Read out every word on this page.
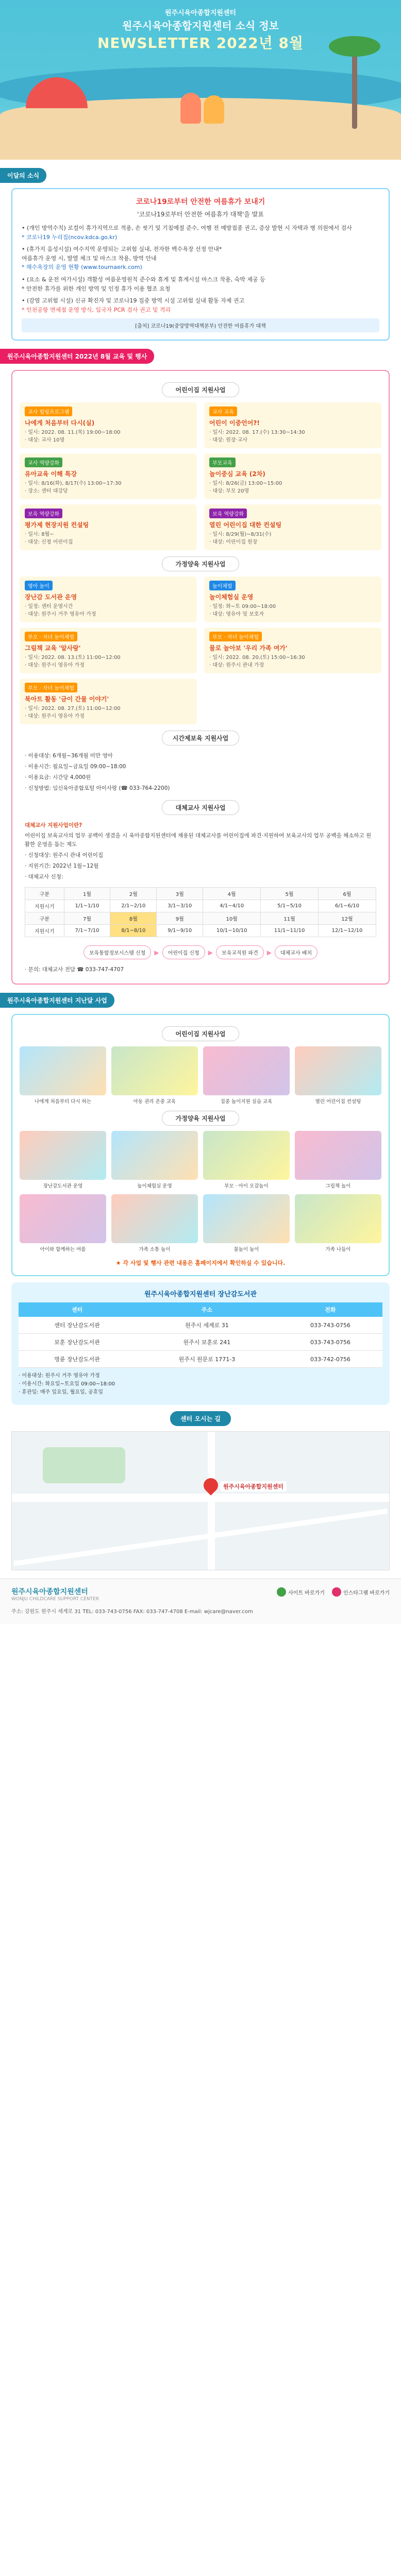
원주시육아종합지원센터
원주시육아종합지원센터 소식 정보
NEWSLETTER 2022년 8월
이달의 소식
코로나19로부터 안전한 여름휴가 보내기
'코로나19로부터 안전한 여름휴가 대책'을 발표
• (개인 방역수칙) 로컬이 휴가지역으로 적용, 손 씻기 및 기침예절 준수, 여행 전 예방접종 권고, 증상 발현 시 자택과 병 의원에서 검사
* 코로나19 누리집(ncov.kdca.go.kr)
• (휴가지 음성시설) 여수지역 운영되는 고위험 실내, 전자한 백수욕장 선정 안내*
여름휴가 운영 시, 발열 체크 및 마스크 착용, 방역 안내
* 해수욕장의 운영 현황 (www.tournaerk.com)
• (요소 & 운전 여가시설) 객활성 여름운영원칙 준수와 휴게 및 휴게시설 마스크 착용, 숙박 제공 등
* 안전한 휴가를 위한 개인 방역 및 인정 휴가 이용 협조 요청
• (감염 고위험 시설) 신규 확진자 및 코로나19 집중 방역 시설 고위험 실내 활동 자제 권고
* 인천공항 면세점 운영 방식, 입국자 PCR 검사 권고 및 격리
[출처] 코로나19(중앙방역대책본부) 안전한 여름휴가 대책
원주시육아종합지원센터 2022년 8월 교육 및 행사
어린이집 지원사업
교사 힐링프로그램
나에게 처음부터 다시(실)
· 일시: 2022. 08. 11.(목) 19:00~18:00
· 대상: 교사 10명
교사 교육
어린이 이중언어?!
· 일시: 2022. 08. 17.(수) 13:30~14:30
· 대상: 원장·교사
교사 역량강화
유아교육 이해 특강
· 일시: 8/16(화), 8/17(수) 13:00~17:30
· 장소: 센터 대강당
부모교육
놀이중심 교육 (2차)
· 일시: 8/26(금) 13:00~15:00
· 대상: 부모 20명
보육 역량강화
평가제 현장지원 컨설팅
· 일시: 8월~
· 대상: 신청 어린이집
보육 역량강화
열린 어린이집 대한 컨설팅
· 일시: 8/29(월)~8/31(수)
· 대상: 어린이집 원장
가정양육 지원사업
영아 놀이
장난감 도서관 운영
· 일정: 센터 운영시간
· 대상: 원주시 거주 영유아 가정
놀이체험
놀이체험실 운영
· 일정: 화~토 09:00~18:00
· 대상: 영유아 및 보호자
부모 · 자녀 놀이체험
그림책 교육 '알사랑'
· 일시: 2022. 08. 13.(토) 11:00~12:00
· 대상: 원주시 영유아 가정
부모 · 자녀 놀이체험
물로 놀아보 '우리 가족 여가'
· 일시: 2022. 08. 20.(토) 15:00~16:30
· 대상: 원주시 관내 가정
부모 · 자녀 놀이체험
북아트 활동 '금이 간물 이야기'
· 일시: 2022. 08. 27.(토) 11:00~12:00
· 대상: 원주시 영유아 가정
시간제보육 지원사업
· 이용대상: 6개월~36개월 미만 영아
· 이용시간: 월요일~금요일 09:00~18:00
· 이용요금: 시간당 4,000원
· 신청방법: 임신육아종합포털 아이사랑 (☎ 033-764-2200)
대체교사 지원사업
대체교사 지원사업이란?
어린이집 보육교사의 업무 공백이 생겼을 시 육아종합지원센터에 채용된 대체교사를 어린이집에 파견·지원하여 보육교사의 업무 공백을 해소하고 원활한 운영을 돕는 제도
· 신청대상: 원주시 관내 어린이집
· 지원기간: 2022년 1월~12월
· 대체교사 신청:
구분	1월	2월	3월	4월	5월	6월
지원시기	1/1~1/10	2/1~2/10	3/1~3/10	4/1~4/10	5/1~5/10	6/1~6/10
구분	7월	8월	9월	10월	11월	12월
지원시기	7/1~7/10	8/1~8/10	9/1~9/10	10/1~10/10	11/1~11/10	12/1~12/10
보육통합정보시스템 신청	▶	어린이집 신청	▶	보육교직원 파견	▶	대체교사 배치
· 문의: 대체교사 전담 ☎ 033-747-4707
원주시육아종합지원센터 지난달 사업
어린이집 지원사업
나에게 처음부터 다시 하는	아동 권리 존중 교육	집중 놀이지원 실습 교육	열린 어린이집 컨설팅
가정양육 지원사업
장난감도서관 운영	놀이체험실 운영	부모 · 아이 오감놀이	그림책 놀이
아이와 함께하는 여름	가족 소통 놀이	물놀이 놀이	가족 나들이
★ 각 사업 및 행사 관련 내용은 홈페이지에서 확인하실 수 있습니다.
원주시육아종합지원센터 장난감도서관
센터	주소	전화
센터 장난감도서관	원주시 세계로 31	033-743-0756
보훈 장난감도서관	원주시 보훈로 241	033-743-0756
명륜 장난감도서관	원주시 원문로 1771-3	033-742-0756
· 이용대상: 원주시 거주 영유아 가정
· 이용시간: 화요일~토요일 09:00~18:00
· 휴관일: 매주 일요일, 월요일, 공휴일
센터 오시는 길
원주시육아종합지원센터
원주시육아종합지원센터
WONJU CHILDCARE SUPPORT CENTER
사이트 바로가기	인스타그램 바로가기
주소: 강원도 원주시 세계로 31 TEL: 033-743-0756 FAX: 033-747-4708 E-mail: wjcare@naver.com
